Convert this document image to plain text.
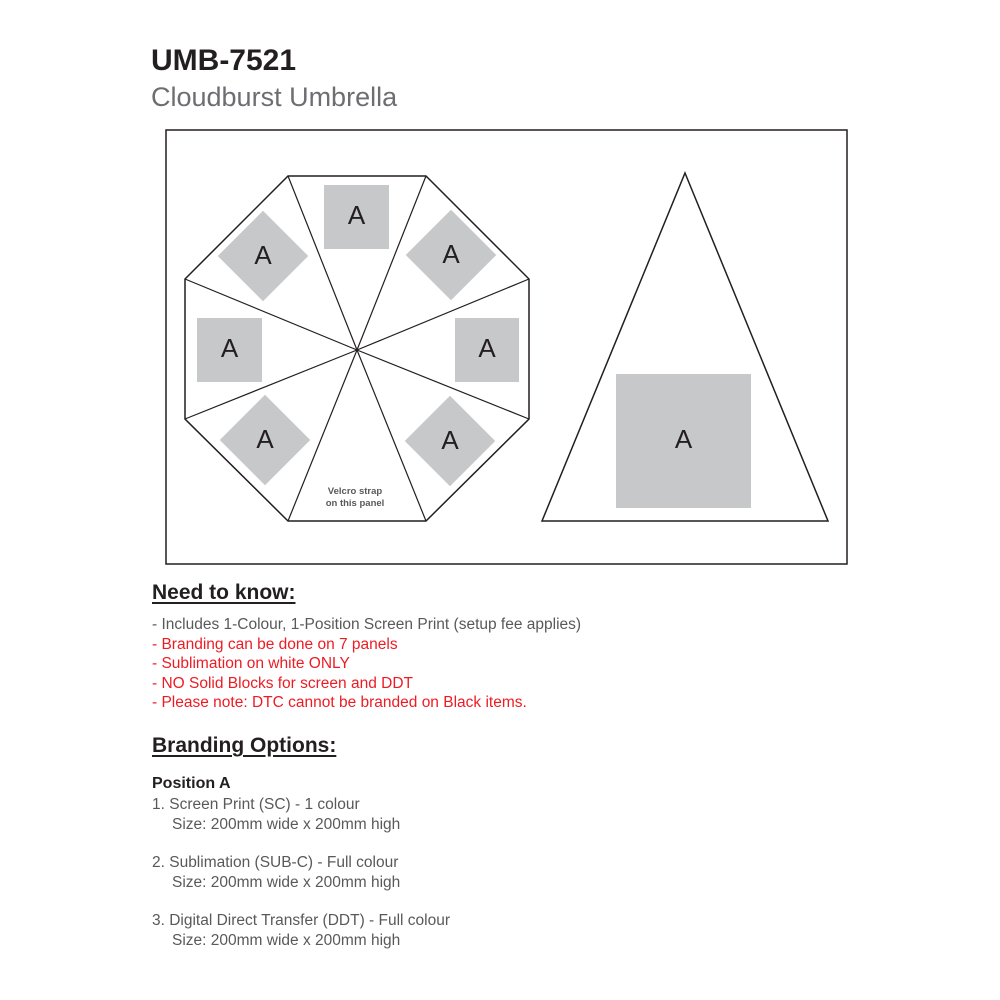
UMB-7521
Cloudburst Umbrella
A
A	A
A	A
A	A
Velcro strap
on this panel
A
Need to know:
- Includes 1-Colour, 1-Position Screen Print (setup fee applies)
- Branding can be done on 7 panels
- Sublimation on white ONLY
- NO Solid Blocks for screen and DDT
- Please note: DTC cannot be branded on Black items.
Branding Options:
Position A
1. Screen Print (SC) - 1 colour
Size: 200mm wide x 200mm high
2. Sublimation (SUB-C) - Full colour
Size: 200mm wide x 200mm high
3. Digital Direct Transfer (DDT) - Full colour
Size: 200mm wide x 200mm high
